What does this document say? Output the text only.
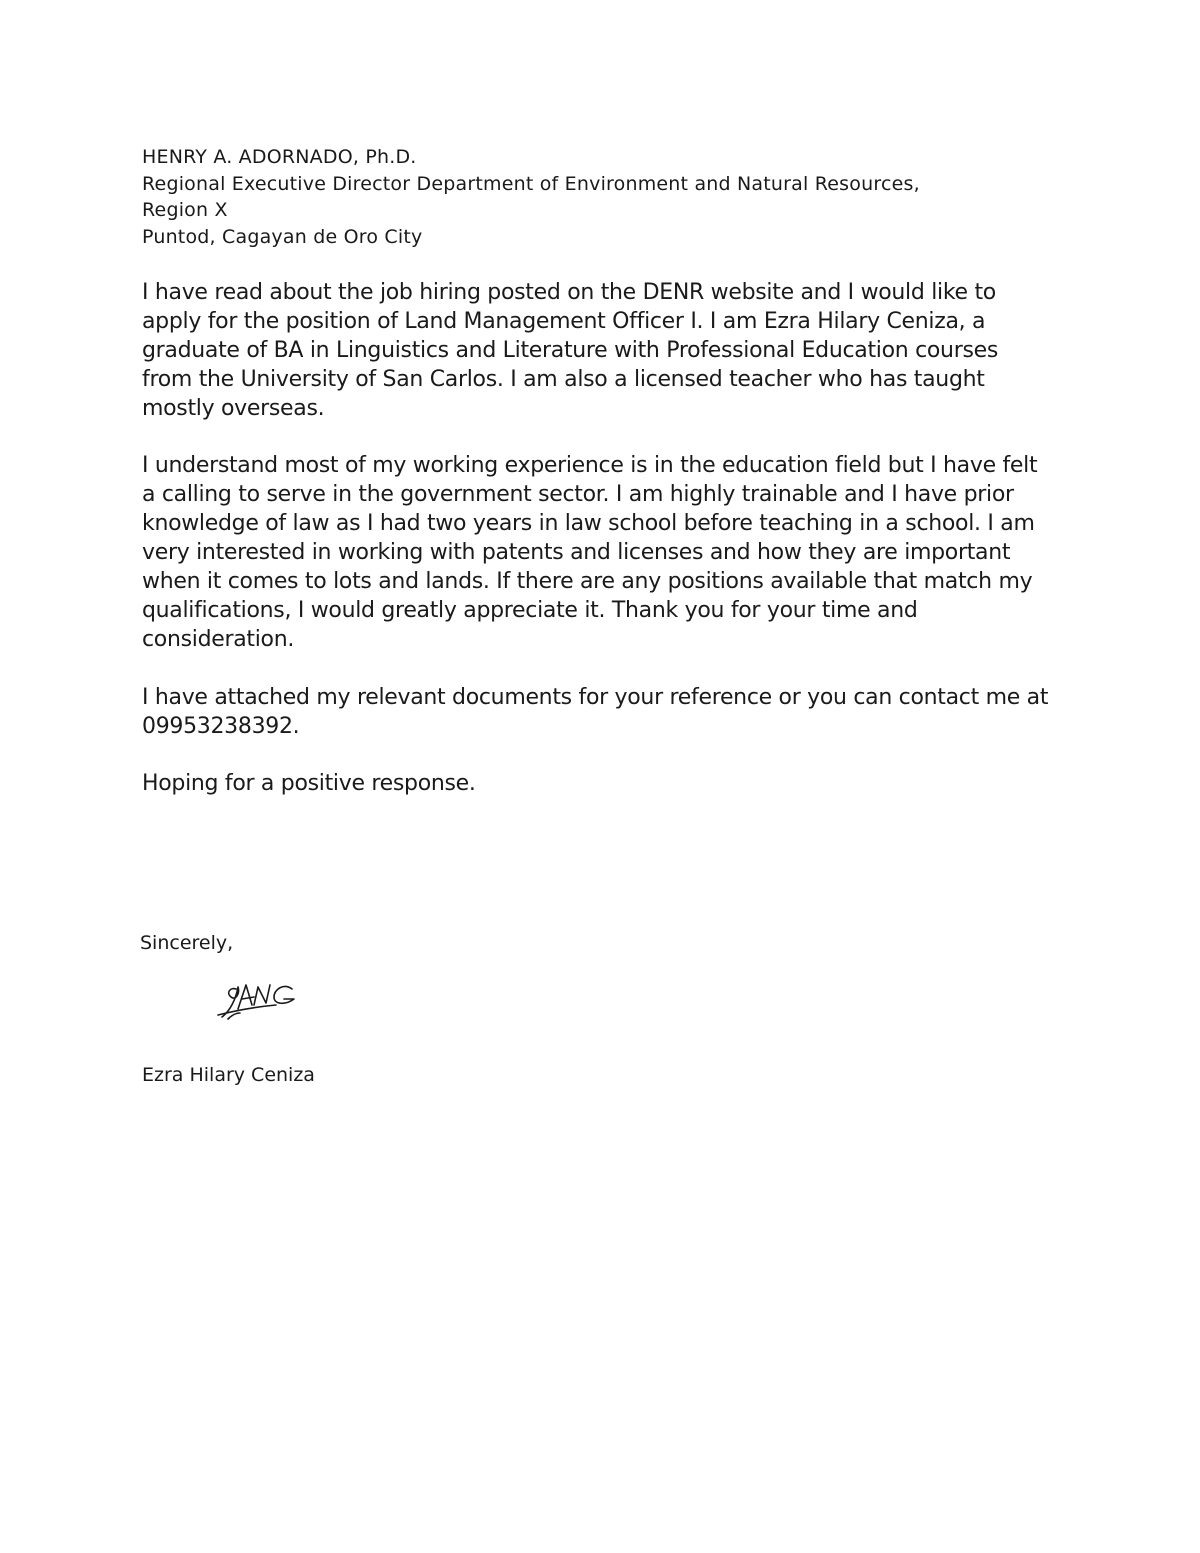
HENRY A. ADORNADO, Ph.D.
Regional Executive Director Department of Environment and Natural Resources,
Region X
Puntod, Cagayan de Oro City

I have read about the job hiring posted on the DENR website and I would like to apply for the position of Land Management Officer I. I am Ezra Hilary Ceniza, a graduate of BA in Linguistics and Literature with Professional Education courses from the University of San Carlos. I am also a licensed teacher who has taught mostly overseas.

I understand most of my working experience is in the education field but I have felt a calling to serve in the government sector. I am highly trainable and I have prior knowledge of law as I had two years in law school before teaching in a school. I am very interested in working with patents and licenses and how they are important when it comes to lots and lands. If there are any positions available that match my qualifications, I would greatly appreciate it. Thank you for your time and consideration.

I have attached my relevant documents for your reference or you can contact me at 09953238392.

Hoping for a positive response.

Sincerely,
Ezra Hilary Ceniza
